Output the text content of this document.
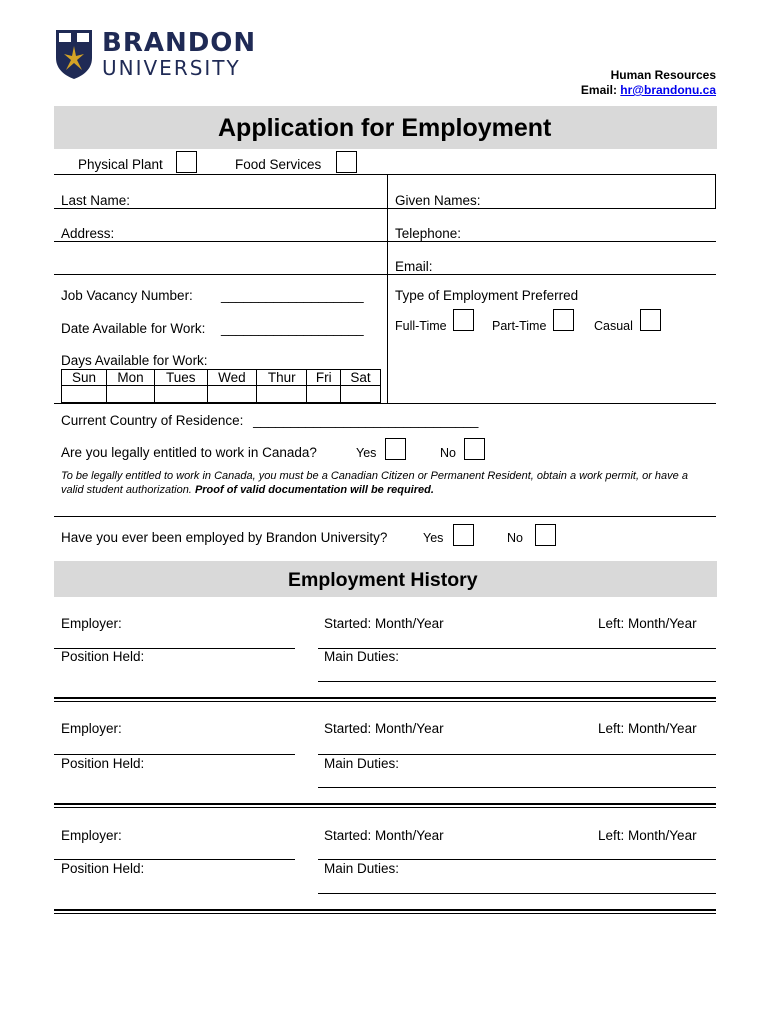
BRANDON
UNIVERSITY	Human Resources
Email: hr@brandonu.ca
Application for Employment
Physical Plant	Food Services
Last Name:	Given Names:
Address:	Telephone:
Email:
Job Vacancy Number: ___________________ Type of Employment Preferred
Date Available for Work: ___________________	Full-Time	Part-Time	Casual
Days Available for Work:
Sun	Mon	Tues	Wed	Thur	Fri	Sat

Current Country of Residence: ______________________________
Are you legally entitled to work in Canada?	Yes	No
To be legally entitled to work in Canada, you must be a Canadian Citizen or Permanent Resident, obtain a work permit, or have a
valid student authorization. Proof of valid documentation will be required.
Have you ever been employed by Brandon University?	Yes	No
Employment History
Employer:	Started: Month/Year	Left: Month/Year
Position Held:	Main Duties:
Employer:	Started: Month/Year	Left: Month/Year
Position Held:	Main Duties:
Employer:	Started: Month/Year	Left: Month/Year
Position Held:	Main Duties:
